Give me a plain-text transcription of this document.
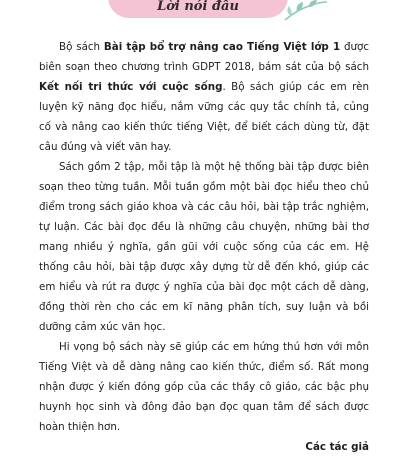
Lời nói đầu

Bộ sách Bài tập bổ trợ nâng cao Tiếng Việt lớp 1 được biên soạn theo chương trình GDPT 2018, bám sát của bộ sách Kết nối tri thức với cuộc sống. Bộ sách giúp các em rèn luyện kỹ năng đọc hiểu, nắm vững các quy tắc chính tả, củng cố và nâng cao kiến thức tiếng Việt, để biết cách dùng từ, đặt câu đúng và viết văn hay.

Sách gồm 2 tập, mỗi tập là một hệ thống bài tập được biên soạn theo từng tuần. Mỗi tuần gồm một bài đọc hiểu theo chủ điểm trong sách giáo khoa và các câu hỏi, bài tập trắc nghiệm, tự luận. Các bài đọc đều là những câu chuyện, những bài thơ mang nhiều ý nghĩa, gần gũi với cuộc sống của các em. Hệ thống câu hỏi, bài tập được xây dựng từ dễ đến khó, giúp các em hiểu và rút ra được ý nghĩa của bài đọc một cách dễ dàng, đồng thời rèn cho các em kĩ năng phân tích, suy luận và bồi dưỡng cảm xúc văn học.

Hi vọng bộ sách này sẽ giúp các em hứng thú hơn với môn Tiếng Việt và dễ dàng nâng cao kiến thức, điểm số. Rất mong nhận được ý kiến đóng góp của các thầy cô giáo, các bậc phụ huynh học sinh và đông đảo bạn đọc quan tâm để sách được hoàn thiện hơn.

Các tác giả
